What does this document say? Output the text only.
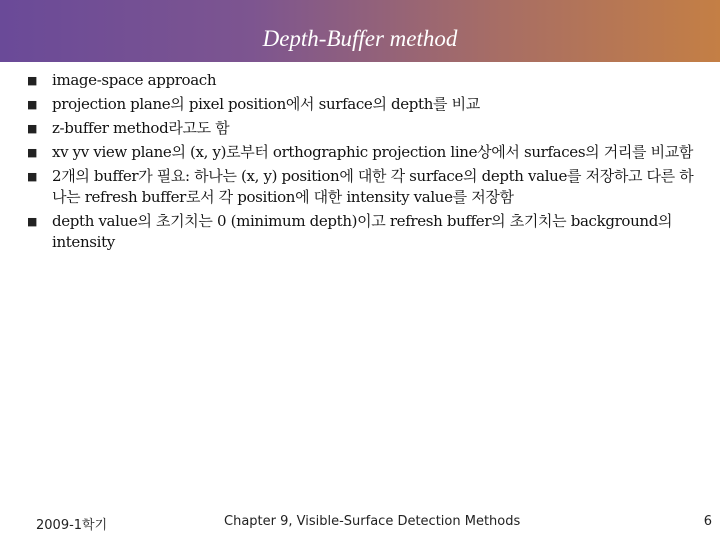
Depth-Buffer method
■ image-space approach
■ projection plane의 pixel position에서 surface의 depth를 비교
■ z-buffer method라고도 함
■ xv yv view plane의 (x, y)로부터 orthographic projection line상에서 surfaces의 거리를 비교함
■ 2개의 buffer가 필요: 하나는 (x, y) position에 대한 각 surface의 depth value를 저장하고 다른 하나는 refresh buffer로서 각 position에 대한 intensity value를 저장함
■ depth value의 초기치는 0 (minimum depth)이고 refresh buffer의 초기치는 background의 intensity
2009-1학기	Chapter 9, Visible-Surface Detection Methods	6
